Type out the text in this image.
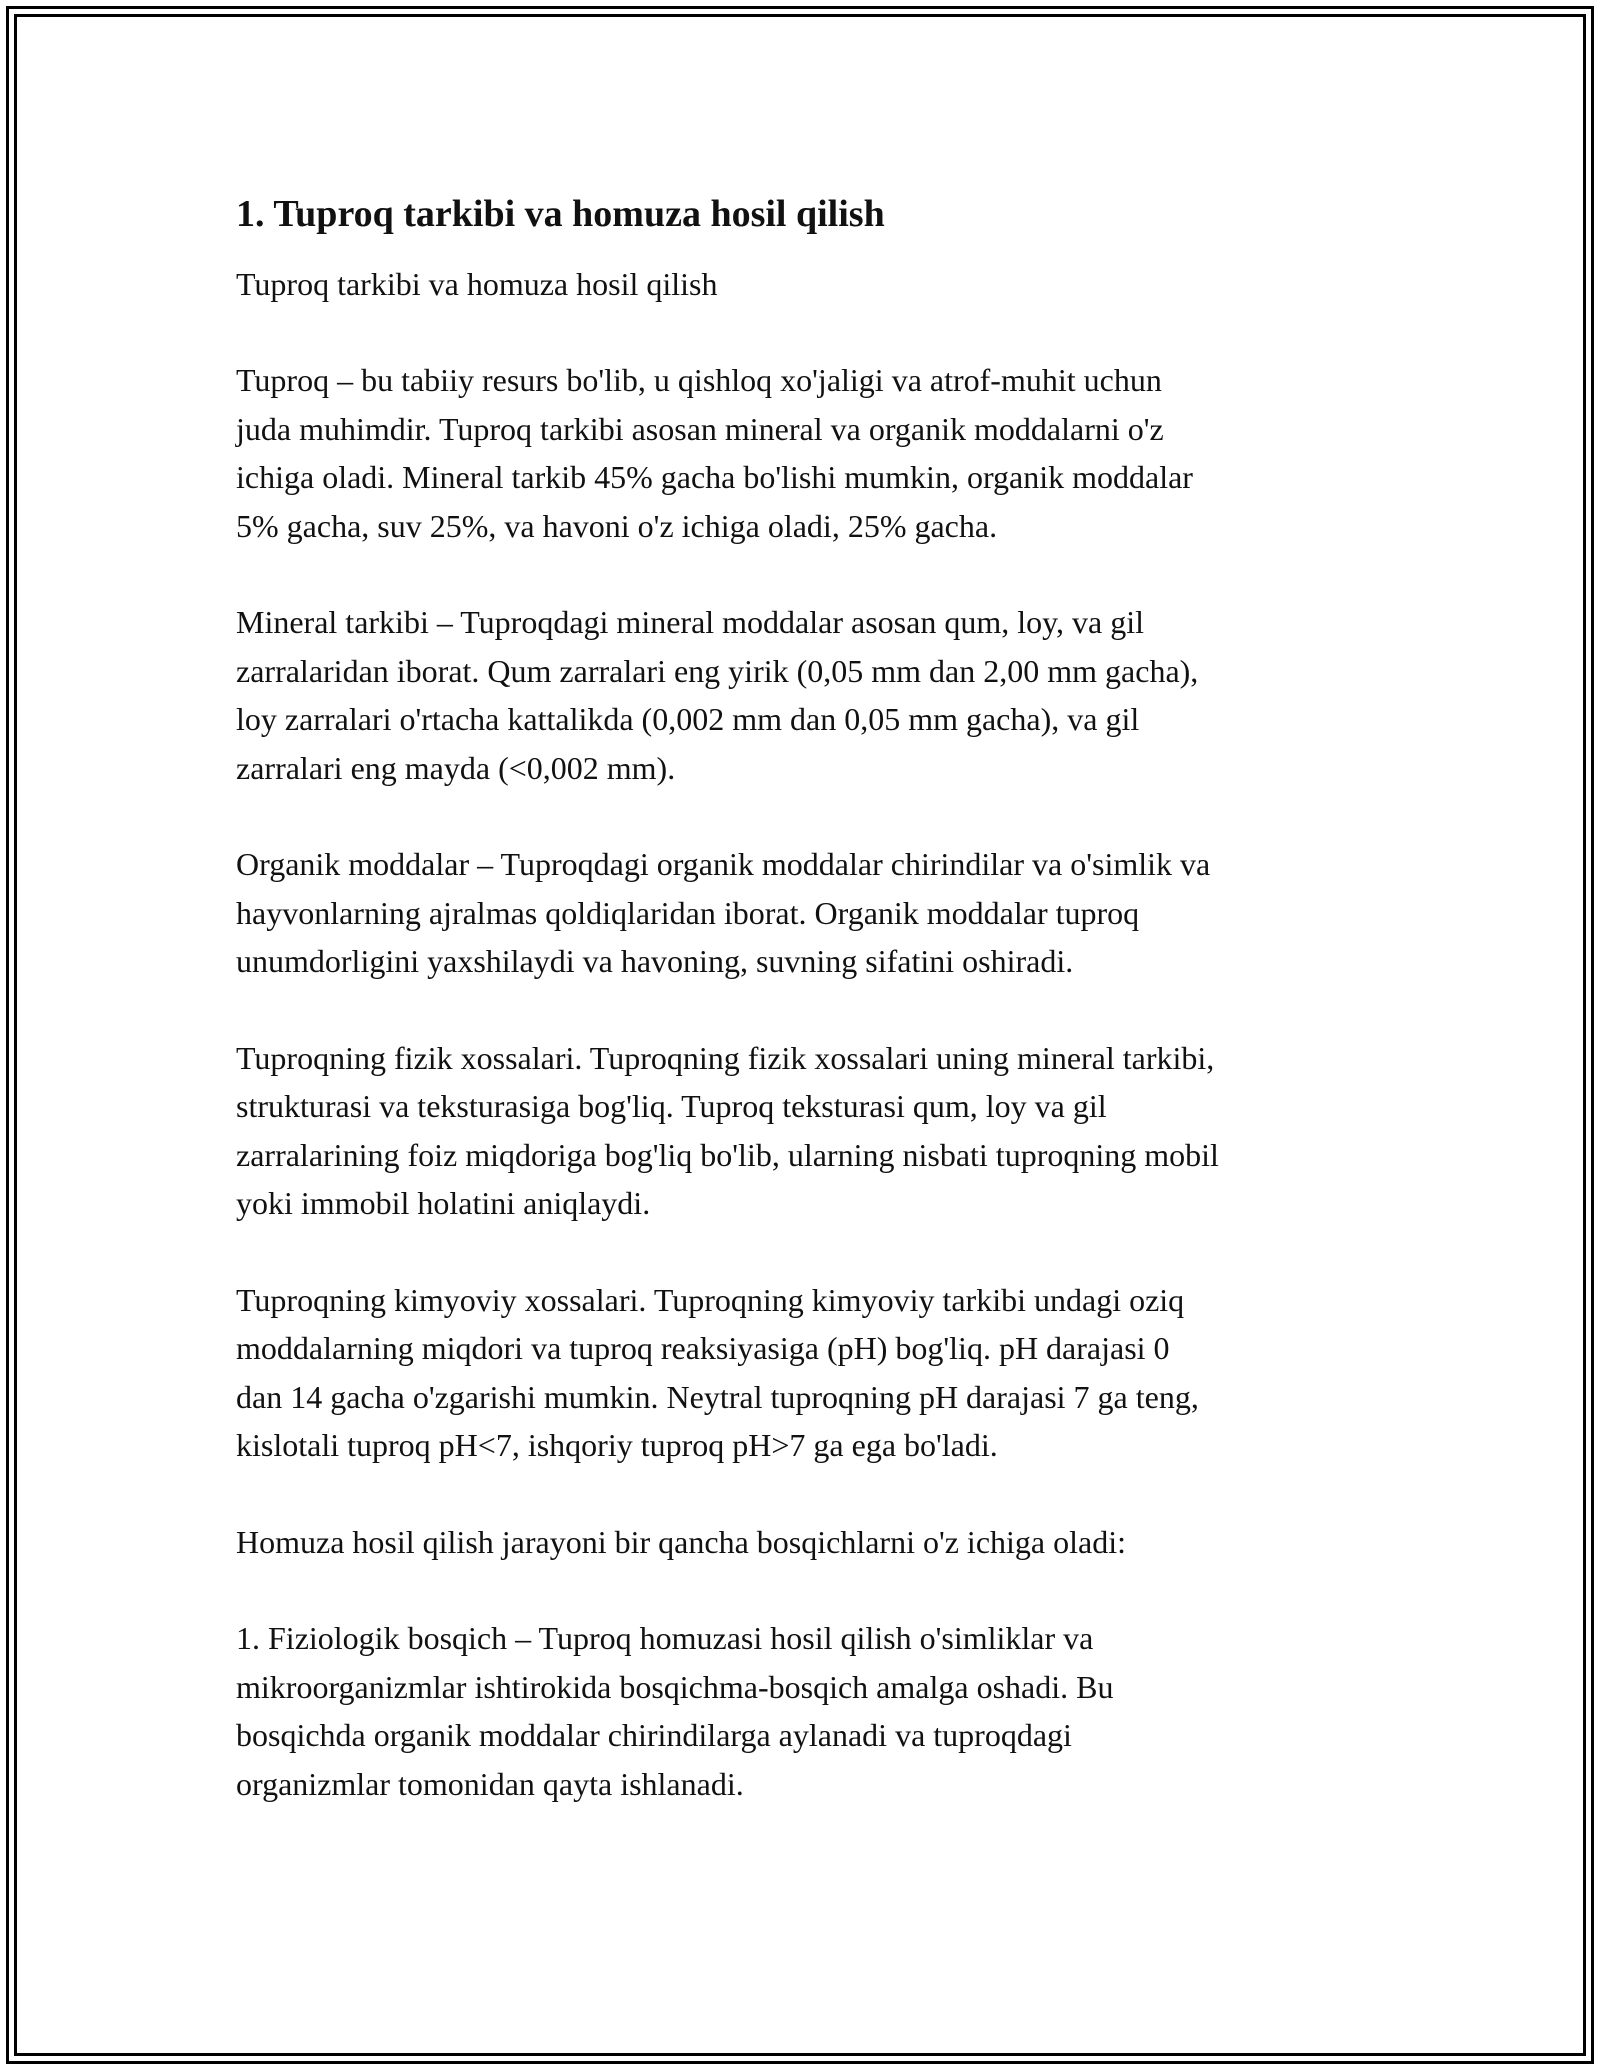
1. Tuproq tarkibi va homuza hosil qilish
Tuproq tarkibi va homuza hosil qilish

Tuproq – bu tabiiy resurs bo'lib, u qishloq xo'jaligi va atrof-muhit uchun
juda muhimdir. Tuproq tarkibi asosan mineral va organik moddalarni o'z
ichiga oladi. Mineral tarkib 45% gacha bo'lishi mumkin, organik moddalar
5% gacha, suv 25%, va havoni o'z ichiga oladi, 25% gacha.

Mineral tarkibi – Tuproqdagi mineral moddalar asosan qum, loy, va gil
zarralaridan iborat. Qum zarralari eng yirik (0,05 mm dan 2,00 mm gacha),
loy zarralari o'rtacha kattalikda (0,002 mm dan 0,05 mm gacha), va gil
zarralari eng mayda (<0,002 mm).

Organik moddalar – Tuproqdagi organik moddalar chirindilar va o'simlik va
hayvonlarning ajralmas qoldiqlaridan iborat. Organik moddalar tuproq
unumdorligini yaxshilaydi va havoning, suvning sifatini oshiradi.

Tuproqning fizik xossalari. Tuproqning fizik xossalari uning mineral tarkibi,
strukturasi va teksturasiga bog'liq. Tuproq teksturasi qum, loy va gil
zarralarining foiz miqdoriga bog'liq bo'lib, ularning nisbati tuproqning mobil
yoki immobil holatini aniqlaydi.

Tuproqning kimyoviy xossalari. Tuproqning kimyoviy tarkibi undagi oziq
moddalarning miqdori va tuproq reaksiyasiga (pH) bog'liq. pH darajasi 0
dan 14 gacha o'zgarishi mumkin. Neytral tuproqning pH darajasi 7 ga teng,
kislotali tuproq pH<7, ishqoriy tuproq pH>7 ga ega bo'ladi.

Homuza hosil qilish jarayoni bir qancha bosqichlarni o'z ichiga oladi:

1. Fiziologik bosqich – Tuproq homuzasi hosil qilish o'simliklar va
mikroorganizmlar ishtirokida bosqichma-bosqich amalga oshadi. Bu
bosqichda organik moddalar chirindilarga aylanadi va tuproqdagi
organizmlar tomonidan qayta ishlanadi.
